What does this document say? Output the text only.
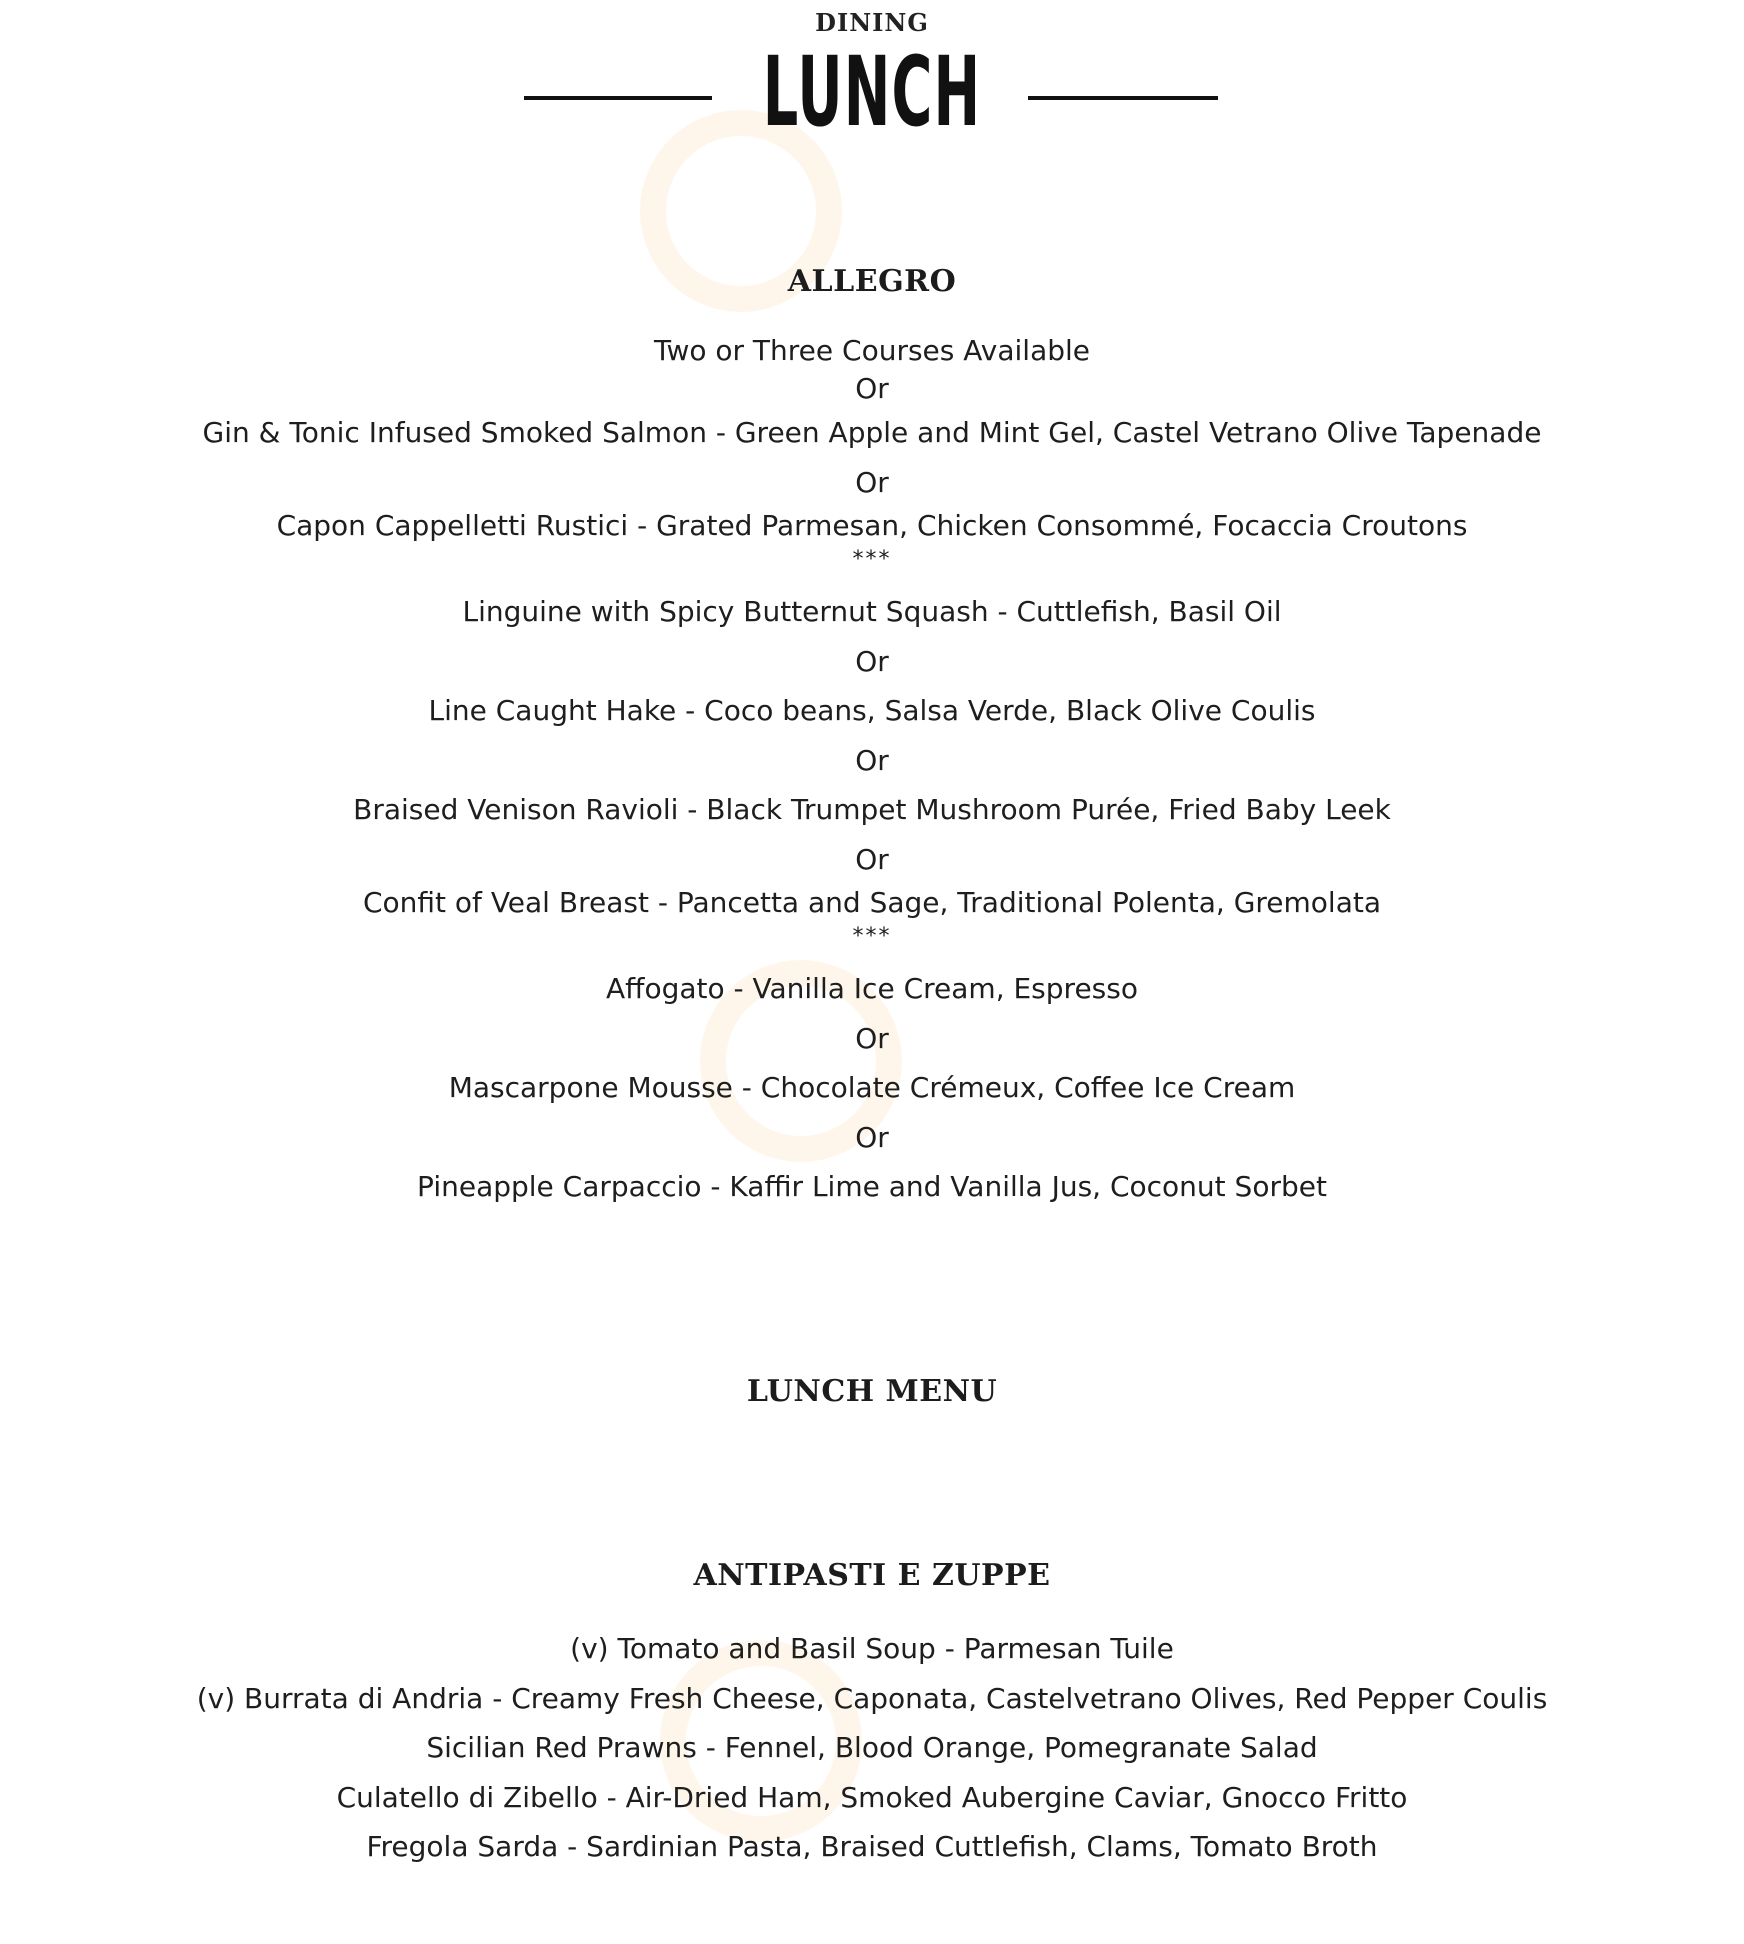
DINING
LUNCH
ALLEGRO
Two or Three Courses Available
Or
Gin & Tonic Infused Smoked Salmon - Green Apple and Mint Gel, Castel Vetrano Olive Tapenade
Or
Capon Cappelletti Rustici - Grated Parmesan, Chicken Consommé, Focaccia Croutons
***
Linguine with Spicy Butternut Squash - Cuttlefish, Basil Oil
Or
Line Caught Hake - Coco beans, Salsa Verde, Black Olive Coulis
Or
Braised Venison Ravioli - Black Trumpet Mushroom Purée, Fried Baby Leek
Or
Confit of Veal Breast - Pancetta and Sage, Traditional Polenta, Gremolata
***
Affogato - Vanilla Ice Cream, Espresso
Or
Mascarpone Mousse - Chocolate Crémeux, Coffee Ice Cream
Or
Pineapple Carpaccio - Kaffir Lime and Vanilla Jus, Coconut Sorbet
LUNCH MENU
ANTIPASTI E ZUPPE
(v) Tomato and Basil Soup - Parmesan Tuile
(v) Burrata di Andria - Creamy Fresh Cheese, Caponata, Castelvetrano Olives, Red Pepper Coulis
Sicilian Red Prawns - Fennel, Blood Orange, Pomegranate Salad
Culatello di Zibello - Air-Dried Ham, Smoked Aubergine Caviar, Gnocco Fritto
Fregola Sarda - Sardinian Pasta, Braised Cuttlefish, Clams, Tomato Broth
